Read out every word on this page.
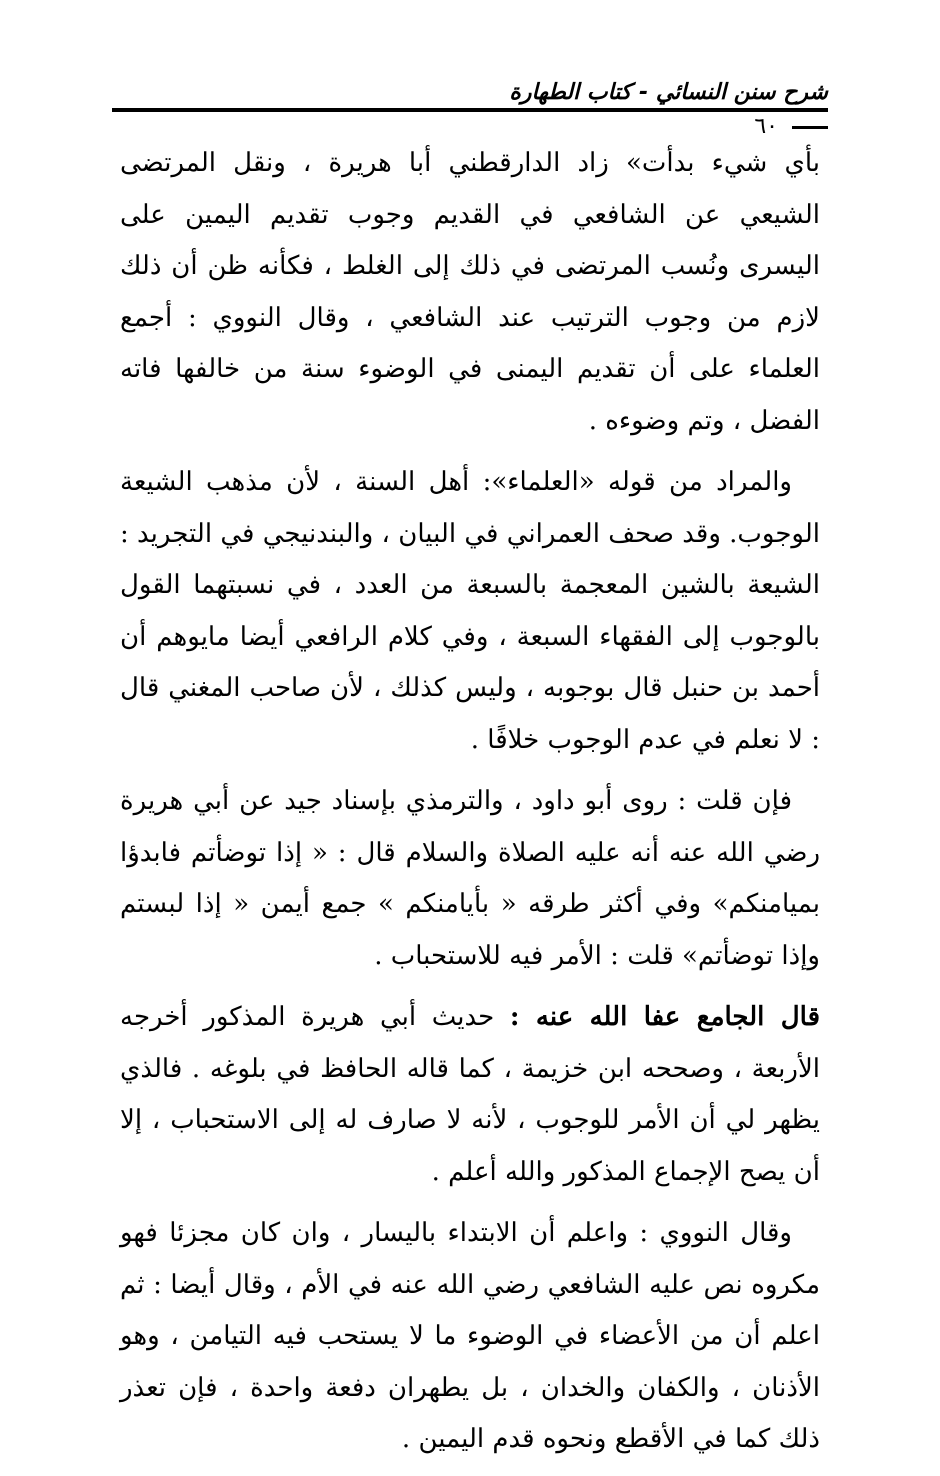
شرح سنن النسائي - كتاب الطهارة
٦٠

بأي شيء بدأت» زاد الدارقطني أبا هريرة ، ونقل المرتضى الشيعي عن الشافعي في القديم وجوب تقديم اليمين على اليسرى ونُسب المرتضى في ذلك إلى الغلط ، فكأنه ظن أن ذلك لازم من وجوب الترتيب عند الشافعي ، وقال النووي : أجمع العلماء على أن تقديم اليمنى في الوضوء سنة من خالفها فاته الفضل ، وتم وضوءه .

والمراد من قوله «العلماء»: أهل السنة ، لأن مذهب الشيعة الوجوب. وقد صحف العمراني في البيان ، والبندنيجي في التجريد : الشيعة بالشين المعجمة بالسبعة من العدد ، في نسبتهما القول بالوجوب إلى الفقهاء السبعة ، وفي كلام الرافعي أيضا مايوهم أن أحمد بن حنبل قال بوجوبه ، وليس كذلك ، لأن صاحب المغني قال : لا نعلم في عدم الوجوب خلافًا .

فإن قلت : روى أبو داود ، والترمذي بإسناد جيد عن أبي هريرة رضي الله عنه أنه عليه الصلاة والسلام قال : « إذا توضأتم فابدؤا بميامنكم» وفي أكثر طرقه « بأيامنكم » جمع أيمن « إذا لبستم وإذا توضأتم» قلت : الأمر فيه للاستحباب .

قال الجامع عفا الله عنه : حديث أبي هريرة المذكور أخرجه الأربعة ، وصححه ابن خزيمة ، كما قاله الحافظ في بلوغه . فالذي يظهر لي أن الأمر للوجوب ، لأنه لا صارف له إلى الاستحباب ، إلا أن يصح الإجماع المذكور والله أعلم .

وقال النووي : واعلم أن الابتداء باليسار ، وان كان مجزئا فهو مكروه نص عليه الشافعي رضي الله عنه في الأم ، وقال أيضا : ثم اعلم أن من الأعضاء في الوضوء ما لا يستحب فيه التيامن ، وهو الأذنان ، والكفان والخدان ، بل يطهران دفعة واحدة ، فإن تعذر ذلك كما في الأقطع ونحوه قدم اليمين .
